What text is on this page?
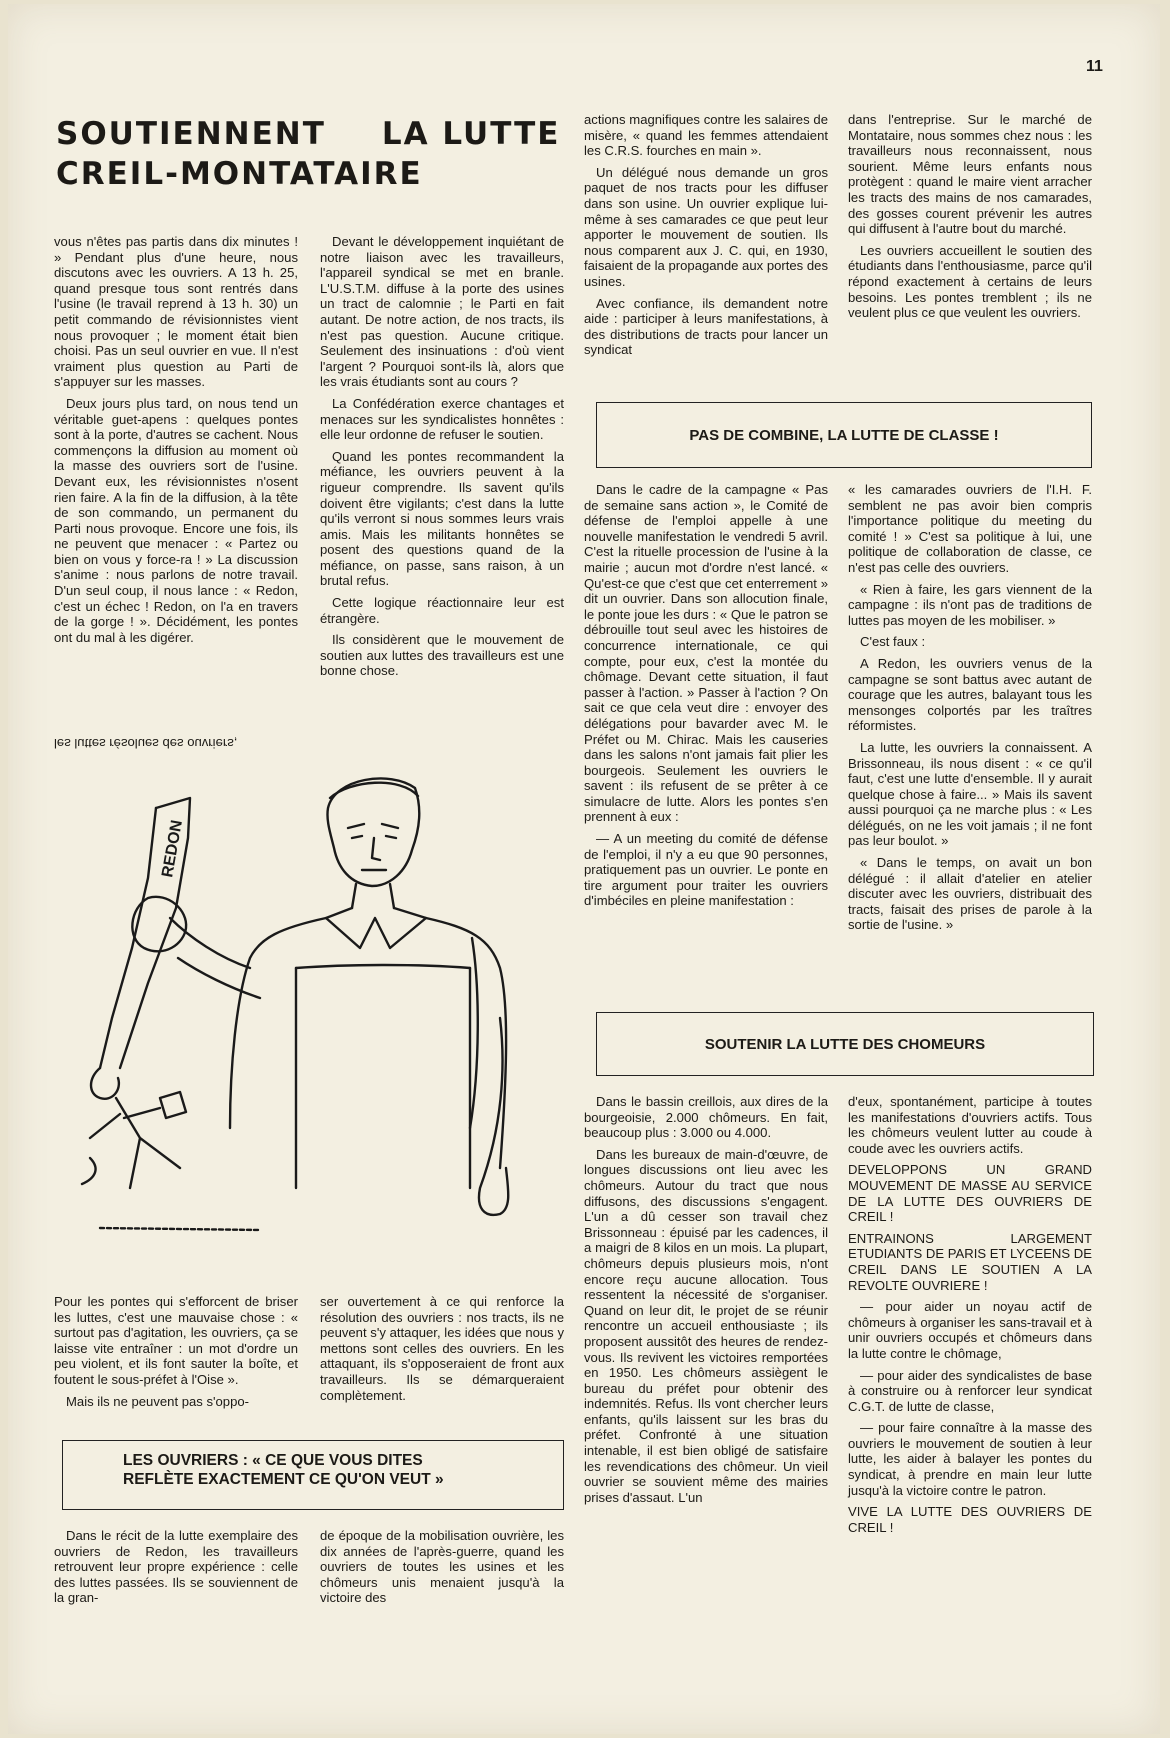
11
SOUTIENNENT LA LUTTE
CREIL-MONTATAIRE

vous n'êtes pas partis dans dix minutes ! » Pendant plus d'une heure, nous discutons avec les ouvriers. A 13 h. 25, quand presque tous sont rentrés dans l'usine (le travail reprend à 13 h. 30) un petit commando de révisionnistes vient nous provoquer ; le moment était bien choisi. Pas un seul ouvrier en vue. Il n'est vraiment plus question au Parti de s'appuyer sur les masses.

Deux jours plus tard, on nous tend un véritable guet-apens : quelques pontes sont à la porte, d'autres se cachent. Nous commençons la diffusion au moment où la masse des ouvriers sort de l'usine. Devant eux, les révisionnistes n'osent rien faire. A la fin de la diffusion, à la tête de son commando, un permanent du Parti nous provoque. Encore une fois, ils ne peuvent que menacer : « Partez ou bien on vous y force-ra ! » La discussion s'anime : nous parlons de notre travail. D'un seul coup, il nous lance : « Redon, c'est un échec ! Redon, on l'a en travers de la gorge ! ». Décidément, les pontes ont du mal à les digérer.

les luttes résolues des ouvriers,

Devant le développement inquiétant de notre liaison avec les travailleurs, l'appareil syndical se met en branle. L'U.S.T.M. diffuse à la porte des usines un tract de calomnie ; le Parti en fait autant. De notre action, de nos tracts, ils n'est pas question. Aucune critique. Seulement des insinuations : d'où vient l'argent ? Pourquoi sont-ils là, alors que les vrais étudiants sont au cours ?

La Confédération exerce chantages et menaces sur les syndicalistes honnêtes : elle leur ordonne de refuser le soutien.

Quand les pontes recommandent la méfiance, les ouvriers peuvent à la rigueur comprendre. Ils savent qu'ils doivent être vigilants; c'est dans la lutte qu'ils verront si nous sommes leurs vrais amis. Mais les militants honnêtes se posent des questions quand de la méfiance, on passe, sans raison, à un brutal refus.

Cette logique réactionnaire leur est étrangère.

Ils considèrent que le mouvement de soutien aux luttes des travailleurs est une bonne chose.

actions magnifiques contre les salaires de misère, « quand les femmes attendaient les C.R.S. fourches en main ».

Un délégué nous demande un gros paquet de nos tracts pour les diffuser dans son usine. Un ouvrier explique lui-même à ses camarades ce que peut leur apporter le mouvement de soutien. Ils nous comparent aux J. C. qui, en 1930, faisaient de la propagande aux portes des usines.

Avec confiance, ils demandent notre aide : participer à leurs manifestations, à des distributions de tracts pour lancer un syndicat

dans l'entreprise. Sur le marché de Montataire, nous sommes chez nous : les travailleurs nous reconnaissent, nous sourient. Même leurs enfants nous protègent : quand le maire vient arracher les tracts des mains de nos camarades, des gosses courent prévenir les autres qui diffusent à l'autre bout du marché.

Les ouvriers accueillent le soutien des étudiants dans l'enthousiasme, parce qu'il répond exactement à certains de leurs besoins. Les pontes tremblent ; ils ne veulent plus ce que veulent les ouvriers.

PAS DE COMBINE, LA LUTTE DE CLASSE !

Dans le cadre de la campagne « Pas de semaine sans action », le Comité de défense de l'emploi appelle à une nouvelle manifestation le vendredi 5 avril. C'est la rituelle procession de l'usine à la mairie ; aucun mot d'ordre n'est lancé. « Qu'est-ce que c'est que cet enterrement » dit un ouvrier. Dans son allocution finale, le ponte joue les durs : « Que le patron se débrouille tout seul avec les histoires de concurrence internationale, ce qui compte, pour eux, c'est la montée du chômage. Devant cette situation, il faut passer à l'action. » Passer à l'action ? On sait ce que cela veut dire : envoyer des délégations pour bavarder avec M. le Préfet ou M. Chirac. Mais les causeries dans les salons n'ont jamais fait plier les bourgeois. Seulement les ouvriers le savent : ils refusent de se prêter à ce simulacre de lutte. Alors les pontes s'en prennent à eux :

— A un meeting du comité de défense de l'emploi, il n'y a eu que 90 personnes, pratiquement pas un ouvrier. Le ponte en tire argument pour traiter les ouvriers d'imbéciles en pleine manifestation :

« les camarades ouvriers de l'I.H. F. semblent ne pas avoir bien compris l'importance politique du meeting du comité ! » C'est sa politique à lui, une politique de collaboration de classe, ce n'est pas celle des ouvriers.

« Rien à faire, les gars viennent de la campagne : ils n'ont pas de traditions de luttes pas moyen de les mobiliser. »

C'est faux :

A Redon, les ouvriers venus de la campagne se sont battus avec autant de courage que les autres, balayant tous les mensonges colportés par les traîtres réformistes.

La lutte, les ouvriers la connaissent. A Brissonneau, ils nous disent : « ce qu'il faut, c'est une lutte d'ensemble. Il y aurait quelque chose à faire... » Mais ils savent aussi pourquoi ça ne marche plus : « Les délégués, on ne les voit jamais ; il ne font pas leur boulot. »

« Dans le temps, on avait un bon délégué : il allait d'atelier en atelier discuter avec les ouvriers, distribuait des tracts, faisait des prises de parole à la sortie de l'usine. »

SOUTENIR LA LUTTE DES CHOMEURS

Dans le bassin creillois, aux dires de la bourgeoisie, 2.000 chômeurs. En fait, beaucoup plus : 3.000 ou 4.000.

Dans les bureaux de main-d'œuvre, de longues discussions ont lieu avec les chômeurs. Autour du tract que nous diffusons, des discussions s'engagent. L'un a dû cesser son travail chez Brissonneau : épuisé par les cadences, il a maigri de 8 kilos en un mois. La plupart, chômeurs depuis plusieurs mois, n'ont encore reçu aucune allocation. Tous ressentent la nécessité de s'organiser. Quand on leur dit, le projet de se réunir rencontre un accueil enthousiaste ; ils proposent aussitôt des heures de rendez-vous. Ils revivent les victoires remportées en 1950. Les chômeurs assiègent le bureau du préfet pour obtenir des indemnités. Refus. Ils vont chercher leurs enfants, qu'ils laissent sur les bras du préfet. Confronté à une situation intenable, il est bien obligé de satisfaire les revendications des chômeur. Un vieil ouvrier se souvient même des mairies prises d'assaut. L'un

d'eux, spontanément, participe à toutes les manifestations d'ouvriers actifs. Tous les chômeurs veulent lutter au coude à coude avec les ouvriers actifs.

DEVELOPPONS UN GRAND MOUVEMENT DE MASSE AU SERVICE DE LA LUTTE DES OUVRIERS DE CREIL !

ENTRAINONS LARGEMENT ETUDIANTS DE PARIS ET LYCEENS DE CREIL DANS LE SOUTIEN A LA REVOLTE OUVRIERE !

— pour aider un noyau actif de chômeurs à organiser les sans-travail et à unir ouvriers occupés et chômeurs dans la lutte contre le chômage,

— pour aider des syndicalistes de base à construire ou à renforcer leur syndicat C.G.T. de lutte de classe,

— pour faire connaître à la masse des ouvriers le mouvement de soutien à leur lutte, les aider à balayer les pontes du syndicat, à prendre en main leur lutte jusqu'à la victoire contre le patron.

VIVE LA LUTTE DES OUVRIERS DE CREIL !

REDON

Pour les pontes qui s'efforcent de briser les luttes, c'est une mauvaise chose : « surtout pas d'agitation, les ouvriers, ça se laisse vite entraîner : un mot d'ordre un peu violent, et ils font sauter la boîte, et foutent le sous-préfet à l'Oise ».

Mais ils ne peuvent pas s'oppo-

ser ouvertement à ce qui renforce la résolution des ouvriers : nos tracts, ils ne peuvent s'y attaquer, les idées que nous y mettons sont celles des ouvriers. En les attaquant, ils s'opposeraient de front aux travailleurs. Ils se démarqueraient complètement.

LES OUVRIERS : « CE QUE VOUS DITES
REFLÈTE EXACTEMENT CE QU'ON VEUT »

Dans le récit de la lutte exemplaire des ouvriers de Redon, les travailleurs retrouvent leur propre expérience : celle des luttes passées. Ils se souviennent de la gran-

de époque de la mobilisation ouvrière, les dix années de l'après-guerre, quand les ouvriers de toutes les usines et les chômeurs unis menaient jusqu'à la victoire des
